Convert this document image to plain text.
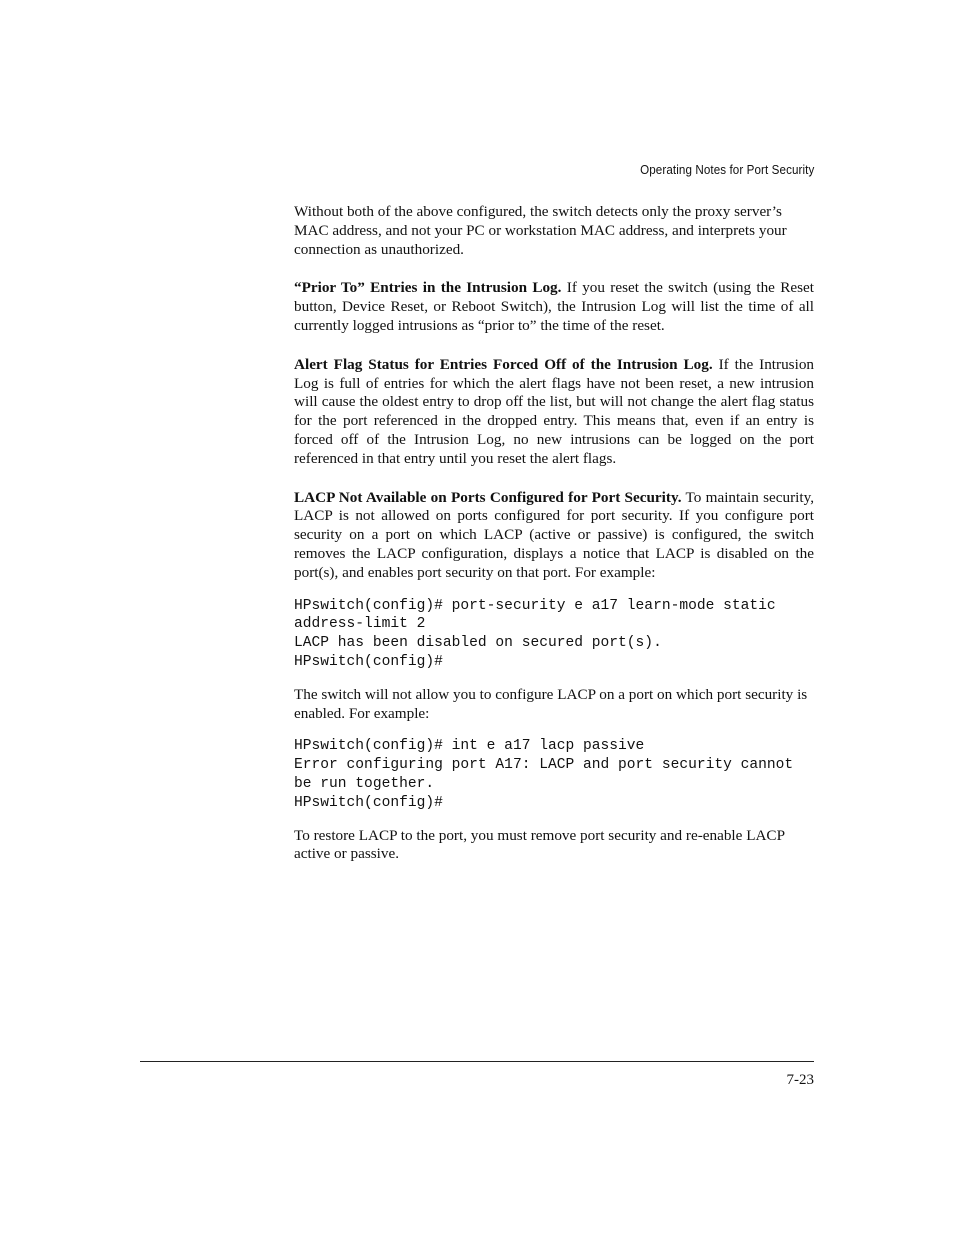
Operating Notes for Port Security

Without both of the above configured, the switch detects only the proxy server’s MAC address, and not your PC or workstation MAC address, and interprets your connection as unauthorized.

“Prior To” Entries in the Intrusion Log. If you reset the switch (using the Reset button, Device Reset, or Reboot Switch), the Intrusion Log will list the time of all currently logged intrusions as “prior to” the time of the reset.

Alert Flag Status for Entries Forced Off of the Intrusion Log. If the Intrusion Log is full of entries for which the alert flags have not been reset, a new intrusion will cause the oldest entry to drop off the list, but will not change the alert flag status for the port referenced in the dropped entry. This means that, even if an entry is forced off of the Intrusion Log, no new intrusions can be logged on the port referenced in that entry until you reset the alert flags.

LACP Not Available on Ports Configured for Port Security. To maintain security, LACP is not allowed on ports configured for port security. If you configure port security on a port on which LACP (active or passive) is configured, the switch removes the LACP configuration, displays a notice that LACP is disabled on the port(s), and enables port security on that port. For example:

HPswitch(config)# port-security e a17 learn-mode static
address-limit 2
LACP has been disabled on secured port(s).
HPswitch(config)#

The switch will not allow you to configure LACP on a port on which port security is enabled. For example:

HPswitch(config)# int e a17 lacp passive
Error configuring port A17: LACP and port security cannot
be run together.
HPswitch(config)#

To restore LACP to the port, you must remove port security and re-enable LACP active or passive.

7-23
